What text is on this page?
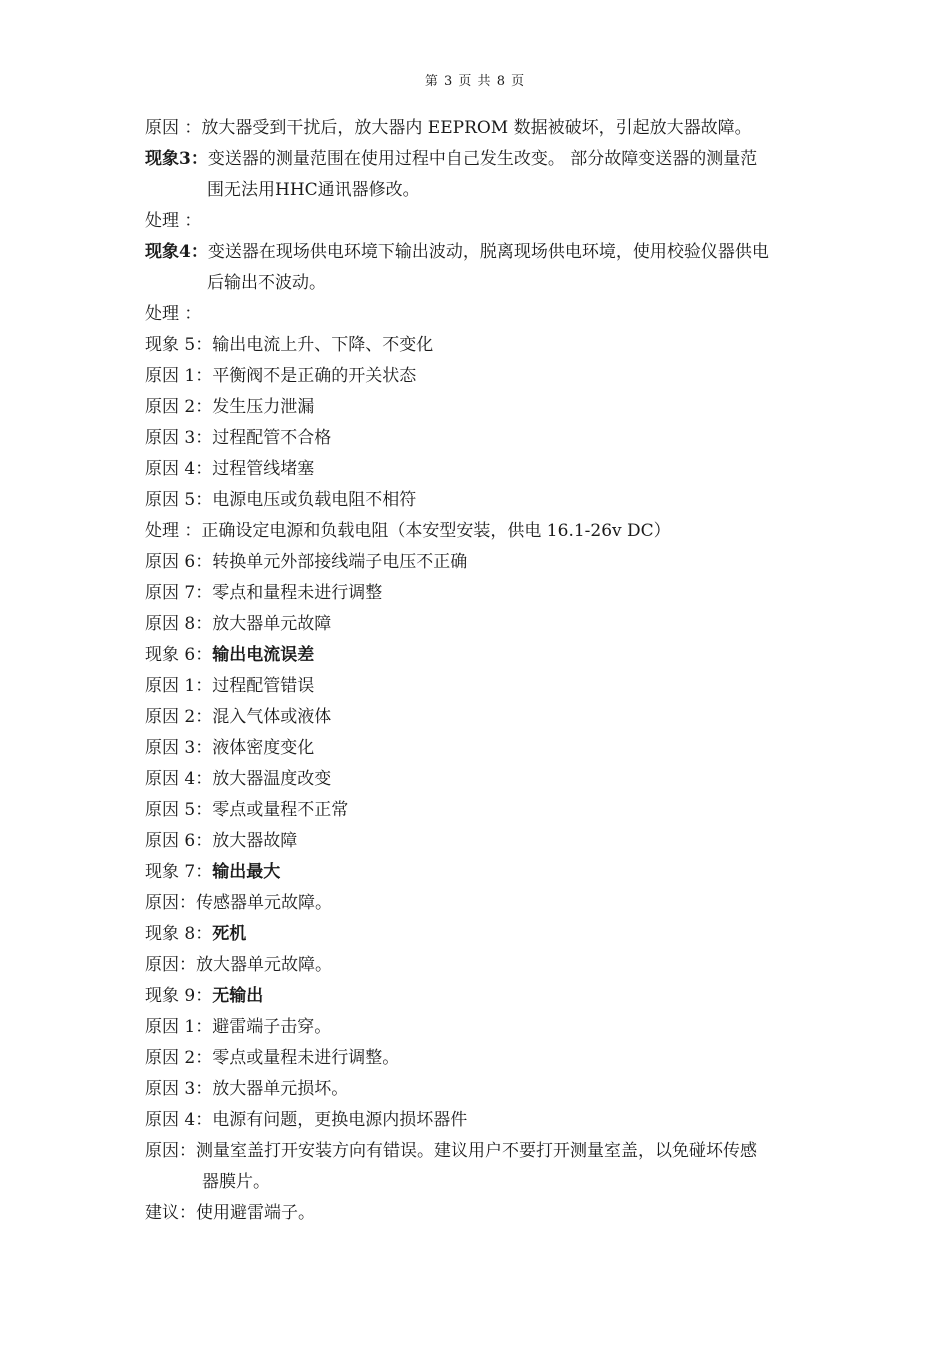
第 3 页 共 8 页
原因 ：放大器受到干扰后，放大器内 EEPROM 数据被破坏，引起放大器故障。
现象3：变送器的测量范围在使用过程中自己发生改变。 部分故障变送器的测量范
围无法用HHC通讯器修改。
处理 ：
现象4：变送器在现场供电环境下输出波动，脱离现场供电环境，使用校验仪器供电
后输出不波动。
处理 ：
现象 5：输出电流上升、下降、不变化
原因 1：平衡阀不是正确的开关状态
原因 2：发生压力泄漏
原因 3：过程配管不合格
原因 4：过程管线堵塞
原因 5：电源电压或负载电阻不相符
处理 ：正确设定电源和负载电阻（本安型安装，供电 16.1-26v DC）
原因 6：转换单元外部接线端子电压不正确
原因 7：零点和量程未进行调整
原因 8：放大器单元故障
现象 6：输出电流误差
原因 1：过程配管错误
原因 2：混入气体或液体
原因 3：液体密度变化
原因 4：放大器温度改变
原因 5：零点或量程不正常
原因 6：放大器故障
现象 7：输出最大
原因：传感器单元故障。
现象 8：死机
原因：放大器单元故障。
现象 9：无输出
原因 1：避雷端子击穿。
原因 2：零点或量程未进行调整。
原因 3：放大器单元损坏。
原因 4：电源有问题，更换电源内损坏器件
原因：测量室盖打开安装方向有错误。建议用户不要打开测量室盖，以免碰坏传感
器膜片。
建议：使用避雷端子。
